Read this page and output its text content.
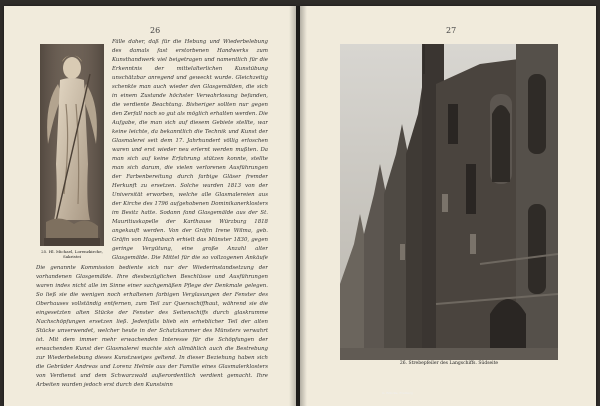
26
25. Hl. Michael, Lorenzkirche, Sakristei
Fälle daher, daß für die Hebung und Wiederbelebung des damals fast erstorbenen Handwerks zum Kunsthandwerk viel beigetragen und namentlich für die Erkenntnis der mittelalterlichen Kunstübung unschätzbar anregend und geweckt wurde. Gleichzeitig schenkte man auch wieder den Glasgemälden, die sich in einem Zustande höchster Verwahrlosung befanden, die verdiente Beachtung. Bisheriger sollten nur gegen den Zerfall noch so gut als möglich erhalten werden. Die Aufgabe, die man sich auf diesem Gebiete stellte, war keine leichte, da bekanntlich die Technik und Kunst der Glasmalerei seit dem 17. Jahrhundert völlig erloschen waren und erst wieder neu erlernt werden mußten. Da man sich auf keine Erfahrung stützen konnte, stellte man sich darum, die vielen verlorenen Ausführungen der Farbenbereitung durch farbige Gläser fremder Herkunft zu ersetzen. Solche wurden 1813 von der Universität erworben, welche alle Glasmalereien aus der Kirche des 1796 aufgehobenen Dominikanerklosters im Besitz hatte. Sodann fand Glasgemälde aus der St. Mauritiuskapelle der Karthause Würzburg 1818 angekauft werden. Von der Gräfin Irene Wilma, geb. Gräfin von Hagenbach erhielt das Münster 1830, gegen geringe Vergütung, eine große Anzahl alter Glasgemälde. Die Mittel für die so vollzogenen Ankäufe
Die genannte Kommission bediente sich nur der Wiederinstandsetzung der vorhandenen Glasgemälde. Ihre diesbezüglichen Beschlüsse und Ausführungen waren indes nicht alle im Sinne einer sachgemäßen Pflege der Denkmale gelegen. So ließ sie die wenigen noch erhaltenen farbigen Verglasungen der Fenster des Oberhauses vollständig entfernen, zum Teil zur Quersschiffhaut, während sie die eingesetzten alten Stücke der Fenster des Seitenschiffs durch glaskrumme Nachschöpfungen ersetzen ließ. Jedenfalls blieb ein erheblicher Teil der alten Stücke unverwendet, welcher heute in der Schatzkammer des Münsters verwahrt ist. Mit dem immer mehr erwachenden Interesse für die Schöpfungen der erwachenden Kunst der Glasmalerei machte sich allmählich auch die Bestrebung zur Wiederbelebung dieses Kunstzweiges geltend. In dieser Beziehung haben sich die Gebrüder Andreas und Lorenz Helmle aus der Familie eines Glasmalerklosters von Verdienst und dem Schwarzwald außerordentlich verdient gemacht. Ihre Arbeiten wurden jedoch erst durch den Kunstsinn
27
G. Röbcke, Freiburg
26. Strebepfeiler des Langschiffs. Südseite
